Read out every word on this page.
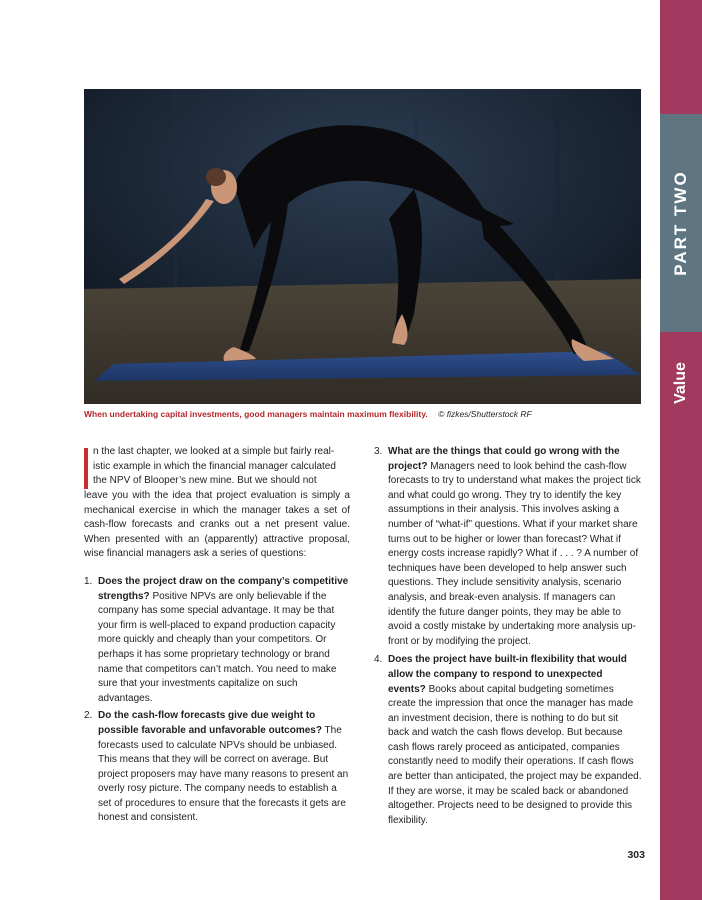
PART TWO
Value
When undertaking capital investments, good managers maintain maximum flexibility. © fizkes/Shutterstock RF
n the last chapter, we looked at a simple but fairly real-
istic example in which the financial manager calculated
the NPV of Blooper’s new mine. But we should not
leave you with the idea that project evaluation is simply a mechanical exercise in which the manager takes a set of cash-flow forecasts and cranks out a net present value. When presented with an (apparently) attractive proposal, wise financial managers ask a series of questions:
1. Does the project draw on the company’s competitive strengths? Positive NPVs are only believable if the company has some special advantage. It may be that your firm is well-placed to expand production capacity more quickly and cheaply than your competitors. Or perhaps it has some proprietary technology or brand name that competitors can’t match. You need to make sure that your investments capitalize on such advantages.
2. Do the cash-flow forecasts give due weight to possible favorable and unfavorable outcomes? The forecasts used to calculate NPVs should be unbiased. This means that they will be correct on average. But project proposers may have many reasons to present an overly rosy picture. The company needs to establish a set of procedures to ensure that the forecasts it gets are honest and consistent.
3. What are the things that could go wrong with the project? Managers need to look behind the cash-flow forecasts to try to understand what makes the project tick and what could go wrong. They try to identify the key assumptions in their analysis. This involves asking a number of “what-if” questions. What if your market share turns out to be higher or lower than forecast? What if energy costs increase rapidly? What if . . . ? A number of techniques have been developed to help answer such questions. They include sensitivity analysis, scenario analysis, and break-even analysis. If managers can identify the future danger points, they may be able to avoid a costly mistake by undertaking more analysis up-front or by modifying the project.
4. Does the project have built-in flexibility that would allow the company to respond to unexpected events? Books about capital budgeting sometimes create the impression that once the manager has made an investment decision, there is nothing to do but sit back and watch the cash flows develop. But because cash flows rarely proceed as anticipated, companies constantly need to modify their operations. If cash flows are better than anticipated, the project may be expanded. If they are worse, it may be scaled back or abandoned altogether. Projects need to be designed to provide this flexibility.
303
